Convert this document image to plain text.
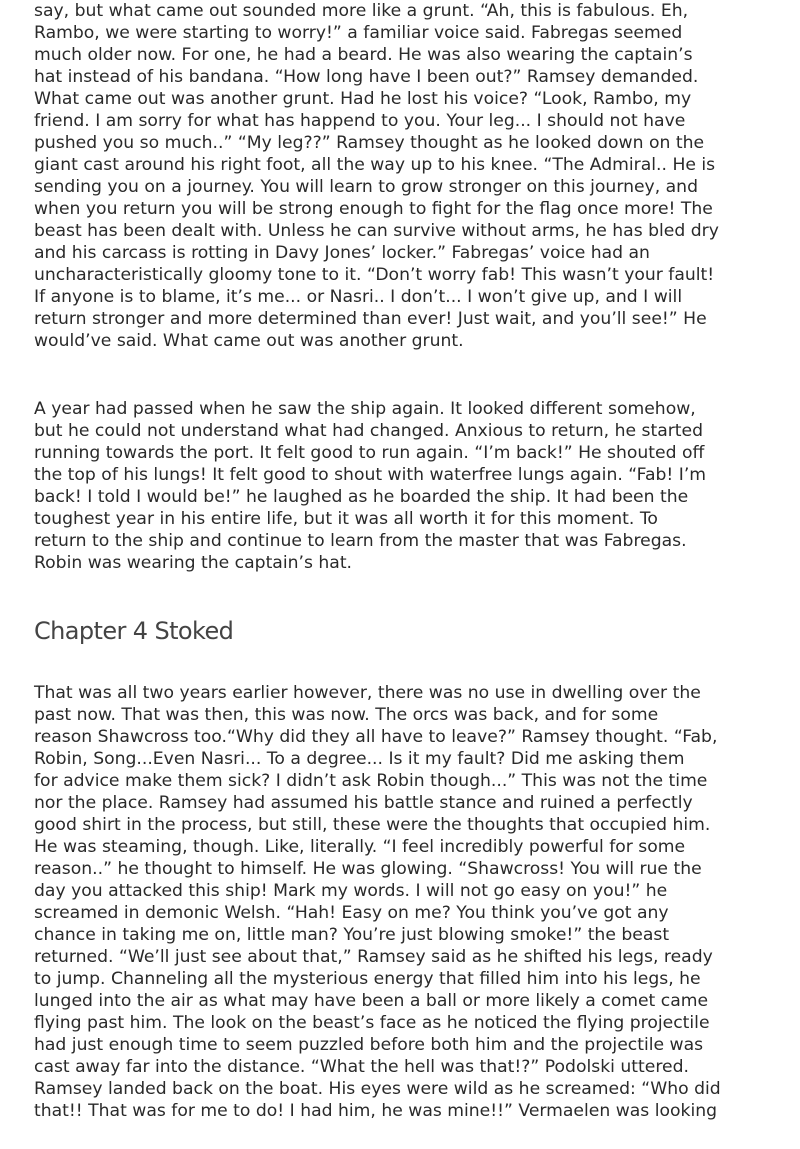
say, but what came out sounded more like a grunt. “Ah, this is fabulous. Eh,
Rambo, we were starting to worry!” a familiar voice said. Fabregas seemed
much older now. For one, he had a beard. He was also wearing the captain’s
hat instead of his bandana. “How long have I been out?” Ramsey demanded.
What came out was another grunt. Had he lost his voice? “Look, Rambo, my
friend. I am sorry for what has happend to you. Your leg... I should not have
pushed you so much..” “My leg??” Ramsey thought as he looked down on the
giant cast around his right foot, all the way up to his knee. “The Admiral.. He is
sending you on a journey. You will learn to grow stronger on this journey, and
when you return you will be strong enough to fight for the flag once more! The
beast has been dealt with. Unless he can survive without arms, he has bled dry
and his carcass is rotting in Davy Jones’ locker.” Fabregas’ voice had an
uncharacteristically gloomy tone to it. “Don’t worry fab! This wasn’t your fault!
If anyone is to blame, it’s me... or Nasri.. I don’t... I won’t give up, and I will
return stronger and more determined than ever! Just wait, and you’ll see!” He
would’ve said. What came out was another grunt.
A year had passed when he saw the ship again. It looked different somehow,
but he could not understand what had changed. Anxious to return, he started
running towards the port. It felt good to run again. “I’m back!” He shouted off
the top of his lungs! It felt good to shout with waterfree lungs again. “Fab! I’m
back! I told I would be!” he laughed as he boarded the ship. It had been the
toughest year in his entire life, but it was all worth it for this moment. To
return to the ship and continue to learn from the master that was Fabregas.
Robin was wearing the captain’s hat.
Chapter 4 Stoked
That was all two years earlier however, there was no use in dwelling over the
past now. That was then, this was now. The orcs was back, and for some
reason Shawcross too.“Why did they all have to leave?” Ramsey thought. “Fab,
Robin, Song...Even Nasri... To a degree... Is it my fault? Did me asking them
for advice make them sick? I didn’t ask Robin though...” This was not the time
nor the place. Ramsey had assumed his battle stance and ruined a perfectly
good shirt in the process, but still, these were the thoughts that occupied him.
He was steaming, though. Like, literally. “I feel incredibly powerful for some
reason..” he thought to himself. He was glowing. “Shawcross! You will rue the
day you attacked this ship! Mark my words. I will not go easy on you!” he
screamed in demonic Welsh. “Hah! Easy on me? You think you’ve got any
chance in taking me on, little man? You’re just blowing smoke!” the beast
returned. “We’ll just see about that,” Ramsey said as he shifted his legs, ready
to jump. Channeling all the mysterious energy that filled him into his legs, he
lunged into the air as what may have been a ball or more likely a comet came
flying past him. The look on the beast’s face as he noticed the flying projectile
had just enough time to seem puzzled before both him and the projectile was
cast away far into the distance. “What the hell was that!?” Podolski uttered.
Ramsey landed back on the boat. His eyes were wild as he screamed: “Who did
that!! That was for me to do! I had him, he was mine!!” Vermaelen was looking
